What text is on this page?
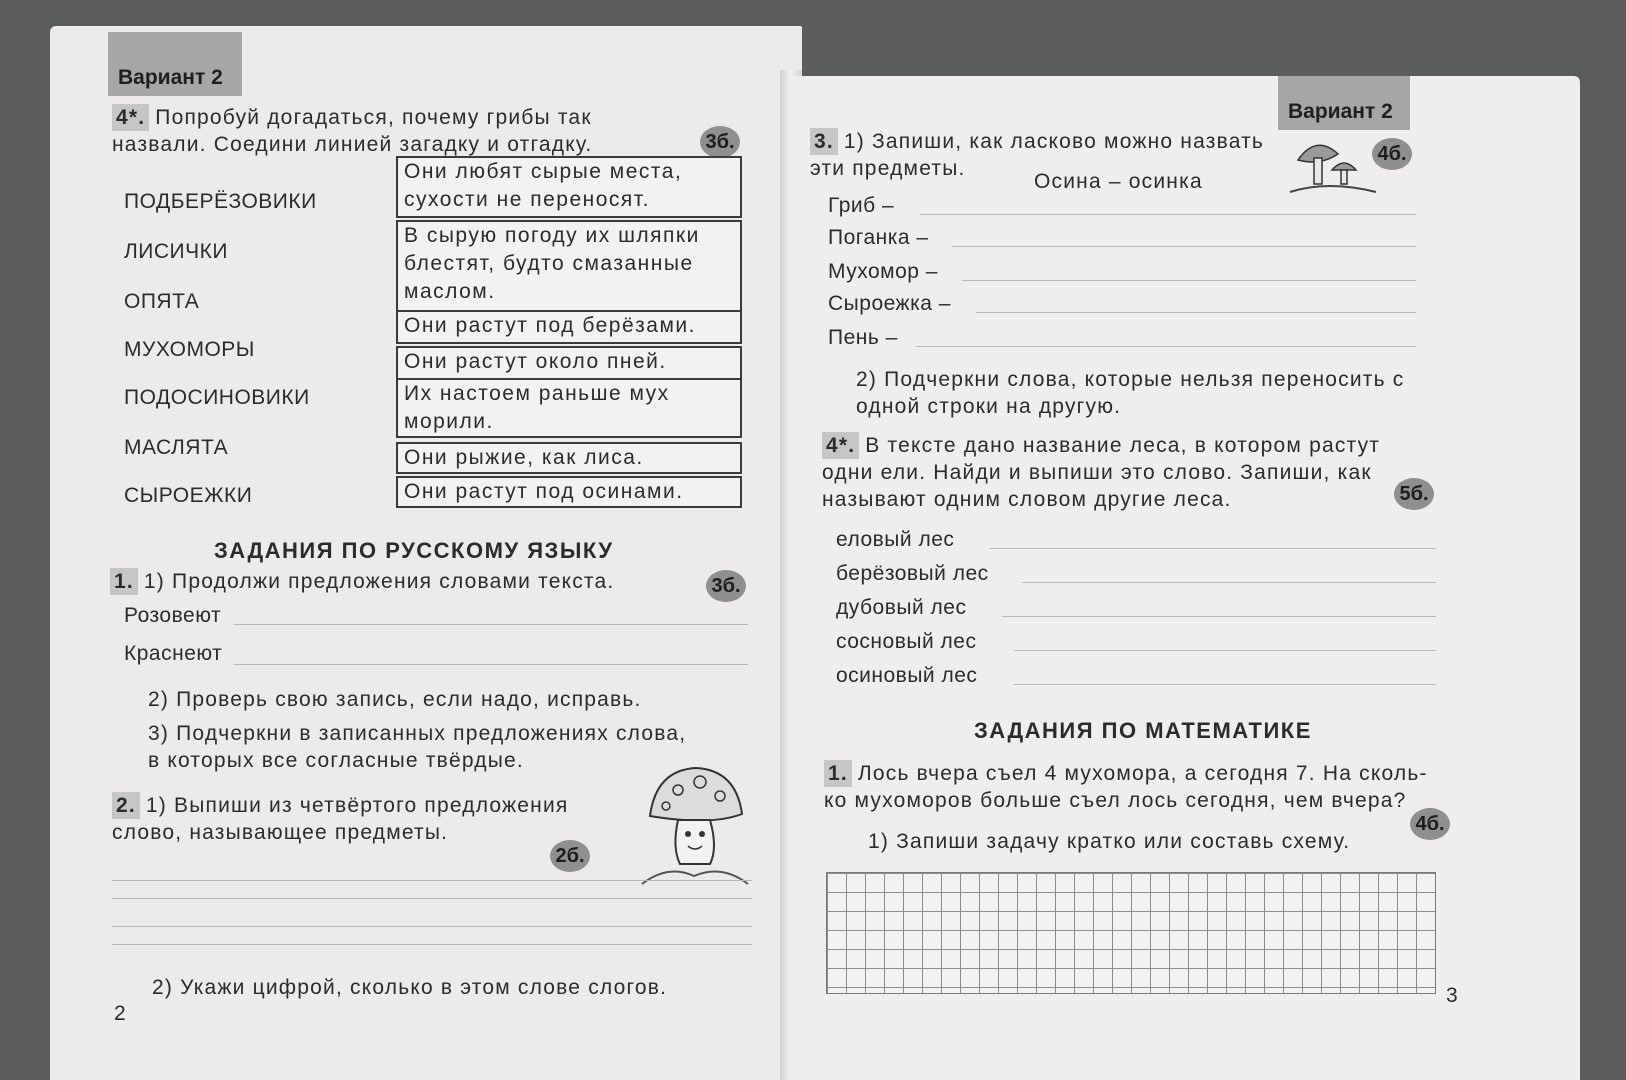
Вариант 2
4*. Попробуй догадаться, почему грибы так
назвали. Соедини линией загадку и отгадку.	3б.
ПОДБЕРЁЗОВИКИ
ЛИСИЧКИ
ОПЯТА
МУХОМОРЫ
ПОДОСИНОВИКИ
МАСЛЯТА
СЫРОЕЖКИ
Они любят сырые места,
сухости не переносят.
В сырую погоду их шляпки
блестят, будто смазанные
маслом.
Они растут под берёзами.
Они растут около пней.
Их настоем раньше мух
морили.
Они рыжие, как лиса.
Они растут под осинами.
ЗАДАНИЯ ПО РУССКОМУ ЯЗЫКУ
1. 1) Продолжи предложения словами текста.	3б.
Розовеют
Краснеют
2) Проверь свою запись, если надо, исправь.
3) Подчеркни в записанных предложениях слова,
в которых все согласные твёрдые.
2. 1) Выпиши из четвёртого предложения
слово, называющее предметы.
2б.
2) Укажи цифрой, сколько в этом слове слогов.
2
Вариант 2
3. 1) Запиши, как ласково можно назвать
эти предметы.
Осина – осинка
4б.
Гриб –
Поганка –
Мухомор –
Сыроежка –
Пень –
2) Подчеркни слова, которые нельзя переносить с
одной строки на другую.
4*. В тексте дано название леса, в котором растут
одни ели. Найди и выпиши это слово. Запиши, как
называют одним словом другие леса.	5б.
еловый лес
берёзовый лес
дубовый лес
сосновый лес
осиновый лес
ЗАДАНИЯ ПО МАТЕМАТИКЕ
1. Лось вчера съел 4 мухомора, а сегодня 7. На сколь-
ко мухоморов больше съел лось сегодня, чем вчера?
1) Запиши задачу кратко или составь схему.
4б.
3
